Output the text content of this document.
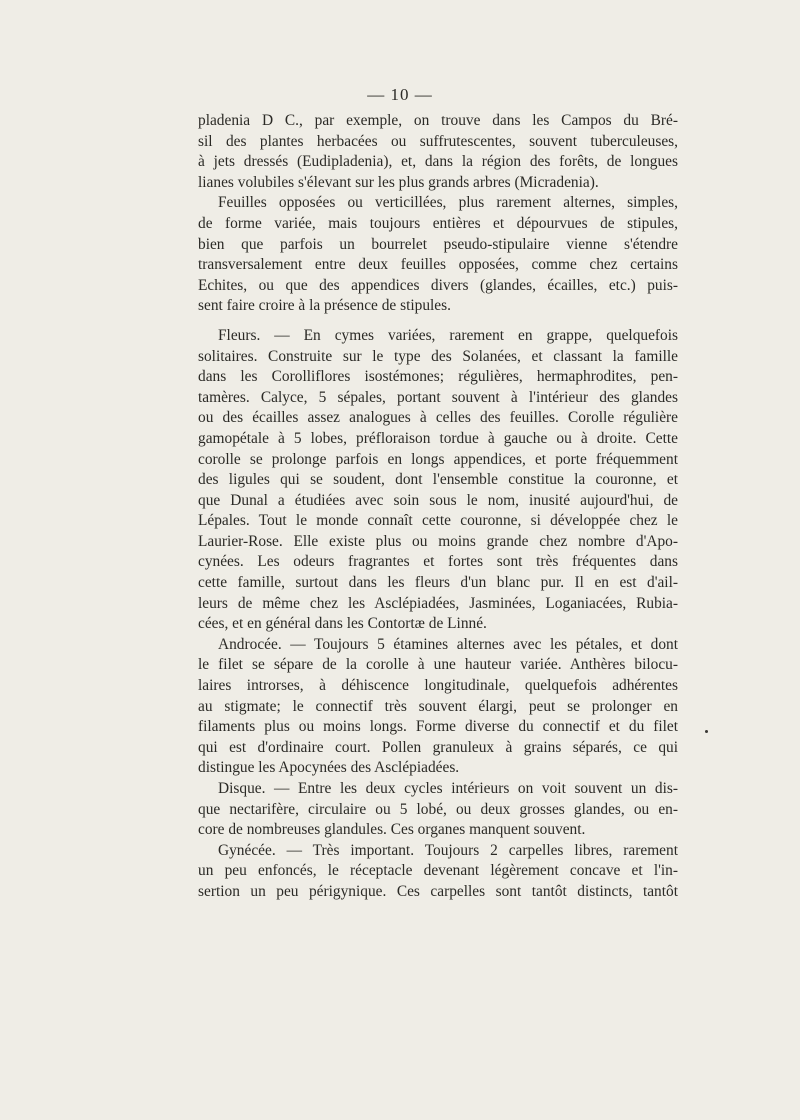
— 10 —
pladenia D C., par exemple, on trouve dans les Campos du Bré-
sil des plantes herbacées ou suffrutescentes, souvent tuberculeuses,
à jets dressés (Eudipladenia), et, dans la région des forêts, de longues
lianes volubiles s'élevant sur les plus grands arbres (Micradenia).
Feuilles opposées ou verticillées, plus rarement alternes, simples,
de forme variée, mais toujours entières et dépourvues de stipules,
bien que parfois un bourrelet pseudo-stipulaire vienne s'étendre
transversalement entre deux feuilles opposées, comme chez certains
Echites, ou que des appendices divers (glandes, écailles, etc.) puis-
sent faire croire à la présence de stipules.
Fleurs. — En cymes variées, rarement en grappe, quelquefois
solitaires. Construite sur le type des Solanées, et classant la famille
dans les Corolliflores isostémones; régulières, hermaphrodites, pen-
tamères. Calyce, 5 sépales, portant souvent à l'intérieur des glandes
ou des écailles assez analogues à celles des feuilles. Corolle régulière
gamopétale à 5 lobes, préfloraison tordue à gauche ou à droite. Cette
corolle se prolonge parfois en longs appendices, et porte fréquemment
des ligules qui se soudent, dont l'ensemble constitue la couronne, et
que Dunal a étudiées avec soin sous le nom, inusité aujourd'hui, de
Lépales. Tout le monde connaît cette couronne, si développée chez le
Laurier-Rose. Elle existe plus ou moins grande chez nombre d'Apo-
cynées. Les odeurs fragrantes et fortes sont très fréquentes dans
cette famille, surtout dans les fleurs d'un blanc pur. Il en est d'ail-
leurs de même chez les Asclépiadées, Jasminées, Loganiacées, Rubia-
cées, et en général dans les Contortæ de Linné.
Androcée. — Toujours 5 étamines alternes avec les pétales, et dont
le filet se sépare de la corolle à une hauteur variée. Anthères bilocu-
laires introrses, à déhiscence longitudinale, quelquefois adhérentes
au stigmate; le connectif très souvent élargi, peut se prolonger en
filaments plus ou moins longs. Forme diverse du connectif et du filet
qui est d'ordinaire court. Pollen granuleux à grains séparés, ce qui
distingue les Apocynées des Asclépiadées.
Disque. — Entre les deux cycles intérieurs on voit souvent un dis-
que nectarifère, circulaire ou 5 lobé, ou deux grosses glandes, ou en-
core de nombreuses glandules. Ces organes manquent souvent.
Gynécée. — Très important. Toujours 2 carpelles libres, rarement
un peu enfoncés, le réceptacle devenant légèrement concave et l'in-
sertion un peu périgynique. Ces carpelles sont tantôt distincts, tantôt
